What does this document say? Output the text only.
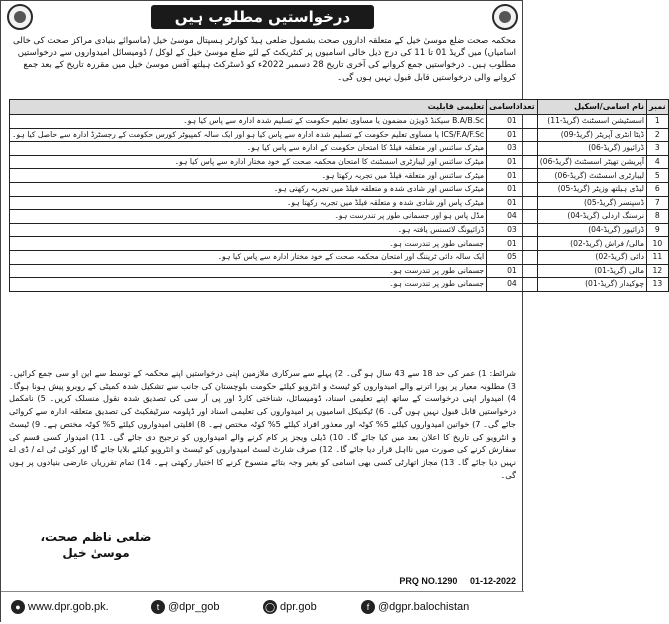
درخواستیں مطلوب ہیں
محکمہ صحت ضلع موسیٰ خیل کے متعلقہ اداروں صحت بشمول ضلعی ہیڈ کوارٹر ہسپتال موسیٰ خیل (ماسوائے بنیادی مراکز صحت کی خالی اسامیاں) میں گریڈ 01 تا 11 کی درج ذیل خالی اسامیوں پر کنٹریکٹ کے لئے ضلع موسیٰ خیل کے لوکل / ڈومیسائل امیدواروں سے درخواستیں مطلوب ہیں۔ درخواستیں جمع کروانے کی آخری تاریخ 28 دسمبر 2022ء کو ڈسٹرکٹ ہیلتھ آفس موسیٰ خیل میں مقررہ تاریخ کے بعد جمع کروانے والی درخواستیں قابل قبول نہیں ہوں گی۔
نمبر	نام اسامی/اسکیل	تعداداسامی	تعلیمی قابلیت
1	اسسٹیشن اسسٹنٹ (گریڈ-11)	01	B.A/B.Sc سیکنڈ ڈویژن مضمون یا مساوی تعلیم حکومت کے تسلیم شدہ ادارہ سے پاس کیا ہو۔
2	ڈیٹا انٹری آپریٹر (گریڈ-09)	01	ICS/F.A/F.Sc یا مساوی تعلیم حکومت کے تسلیم شدہ ادارہ سے پاس کیا ہو اور ایک سالہ کمپیوٹر کورس حکومت کے رجسٹرڈ ادارہ سے حاصل کیا ہو۔
3	ڈرائیور (گریڈ-06)	03	میٹرک سائنس اور متعلقہ فیلڈ کا امتحان حکومت کے ادارہ سے پاس کیا ہو۔
4	آپریشن تھیٹر اسسٹنٹ (گریڈ-06)	01	میٹرک سائنس اور لیبارٹری اسسٹنٹ کا امتحان محکمہ صحت کے خود مختار ادارہ سے پاس کیا ہو۔
5	لیبارٹری اسسٹنٹ (گریڈ-06)	01	میٹرک سائنس اور متعلقہ فیلڈ میں تجربہ رکھتا ہو۔
6	لیڈی ہیلتھ وزیٹر (گریڈ-05)	01	میٹرک سائنس اور شادی شدہ و متعلقہ فیلڈ میں تجربہ رکھتی ہو۔
7	ڈسپنسر (گریڈ-05)	01	میٹرک پاس اور شادی شدہ و متعلقہ فیلڈ میں تجربہ رکھتا ہو۔
8	نرسنگ اردلی (گریڈ-04)	04	مڈل پاس ہو اور جسمانی طور پر تندرست ہو۔
9	ڈرائیور (گریڈ-04)	03	ڈرائیونگ لائسنس یافتہ ہو۔
10	مالی/ فراش (گریڈ-02)	01	جسمانی طور پر تندرست ہو۔
11	دائی (گریڈ-02)	05	ایک سالہ دائی ٹریننگ اور امتحان محکمہ صحت کے خود مختار ادارہ سے پاس کیا ہو۔
12	مالی (گریڈ-01)	01	جسمانی طور پر تندرست ہو۔
13	چوکیدار (گریڈ-01)	04	جسمانی طور پر تندرست ہو۔
شرائط: 1) عمر کی حد 18 سے 43 سال ہو گی۔ 2) پہلے سے سرکاری ملازمین اپنی درخواستیں اپنے محکمہ کے توسط سے این او سی جمع کرائیں۔ 3) مطلوبہ معیار پر پورا اترنے والے امیدواروں کو ٹیسٹ و انٹرویو کیلئے حکومت بلوچستان کی جانب سے تشکیل شدہ کمیٹی کے روبرو پیش ہونا ہوگا۔ 4) امیدوار اپنی درخواست کے ساتھ اپنے تعلیمی اسناد، ڈومیسائل، شناختی کارڈ اور پی آر سی کی تصدیق شدہ نقول منسلک کریں۔ 5) نامکمل درخواستیں قابل قبول نہیں ہوں گی۔ 6) ٹیکنیکل اسامیوں پر امیدواروں کی تعلیمی اسناد اور ڈپلومہ سرٹیفکیٹ کی تصدیق متعلقہ ادارہ سے کروائی جائے گی۔ 7) خواتین امیدواروں کیلئے 5% کوٹہ اور معذور افراد کیلئے 5% کوٹہ مختص ہے۔ 8) اقلیتی امیدواروں کیلئے 5% کوٹہ مختص ہے۔ 9) ٹیسٹ و انٹرویو کی تاریخ کا اعلان بعد میں کیا جائے گا۔ 10) ڈیلی ویجز پر کام کرنے والے امیدواروں کو ترجیح دی جائے گی۔ 11) امیدوار کسی قسم کی سفارش کرنے کی صورت میں نااہل قرار دیا جائے گا۔ 12) صرف شارٹ لسٹ امیدواروں کو ٹیسٹ و انٹرویو کیلئے بلایا جائے گا اور کوئی ٹی اے / ڈی اے نہیں دیا جائے گا۔ 13) مجاز اتھارٹی کسی بھی اسامی کو بغیر وجہ بتائے منسوخ کرنے کا اختیار رکھتی ہے۔ 14) تمام تقرریاں عارضی بنیادوں پر ہوں گی۔
ضلعی ناظم صحت،
موسیٰ خیل
PRQ NO.1290 01-12-2022
● www.dpr.gob.pk.	t @dpr_gob	◯ dpr.gob	f @dgpr.balochistan
